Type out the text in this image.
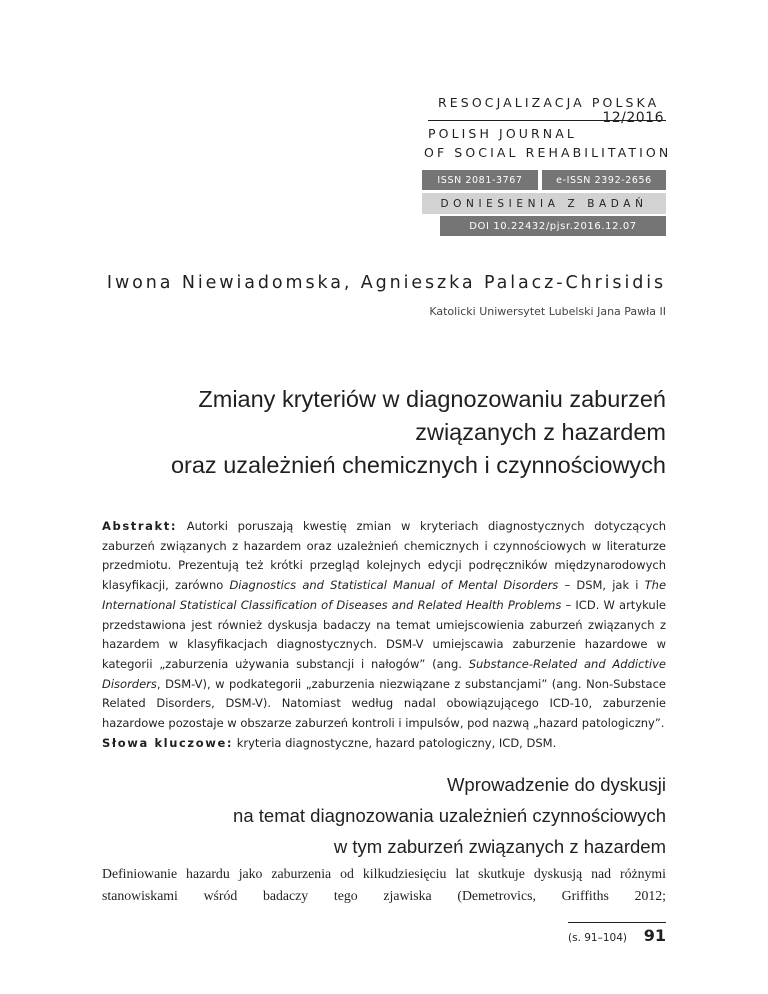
RESOCJALIZACJA POLSKA
12/2016
POLISH JOURNAL
OF SOCIAL REHABILITATION
ISSN 2081-3767	e-ISSN 2392-2656
DONIESIENIA Z BADAŃ
DOI 10.22432/pjsr.2016.12.07
Iwona Niewiadomska, Agnieszka Palacz-Chrisidis
Katolicki Uniwersytet Lubelski Jana Pawła II
Zmiany kryteriów w diagnozowaniu zaburzeń
związanych z hazardem
oraz uzależnień chemicznych i czynnościowych

Abstrakt: Autorki poruszają kwestię zmian w kryteriach diagnostycznych dotyczących zaburzeń związanych z hazardem oraz uzależnień chemicznych i czynnościowych w literaturze przedmiotu. Prezentują też krótki przegląd kolejnych edycji podręczników międzynarodowych klasyfikacji, zarówno Diagnostics and Statistical Manual of Mental Disorders – DSM, jak i The International Statistical Classification of Diseases and Related Health Problems – ICD. W artykule przedstawiona jest również dyskusja badaczy na temat umiejscowienia zaburzeń związanych z hazardem w klasyfikacjach diagnostycznych. DSM-V umiejscawia zaburzenie hazardowe w kategorii „zaburzenia używania substancji i nałogów” (ang. Substance-Related and Addictive Disorders, DSM-V), w podkategorii „zaburzenia niezwiązane z substancjami” (ang. Non-Substace Related Disorders, DSM-V). Natomiast według nadal obowiązującego ICD-10, zaburzenie hazardowe pozostaje w obszarze zaburzeń kontroli i impulsów, pod nazwą „hazard patologiczny”.

Słowa kluczowe: kryteria diagnostyczne, hazard patologiczny, ICD, DSM.

Wprowadzenie do dyskusji
na temat diagnozowania uzależnień czynnościowych
w tym zaburzeń związanych z hazardem
Definiowanie hazardu jako zaburzenia od kilkudziesięciu lat skutkuje dyskusją nad różnymi stanowiskami wśród badaczy tego zjawiska (Demetrovics, Griffiths 2012;
(s. 91–104) 91
